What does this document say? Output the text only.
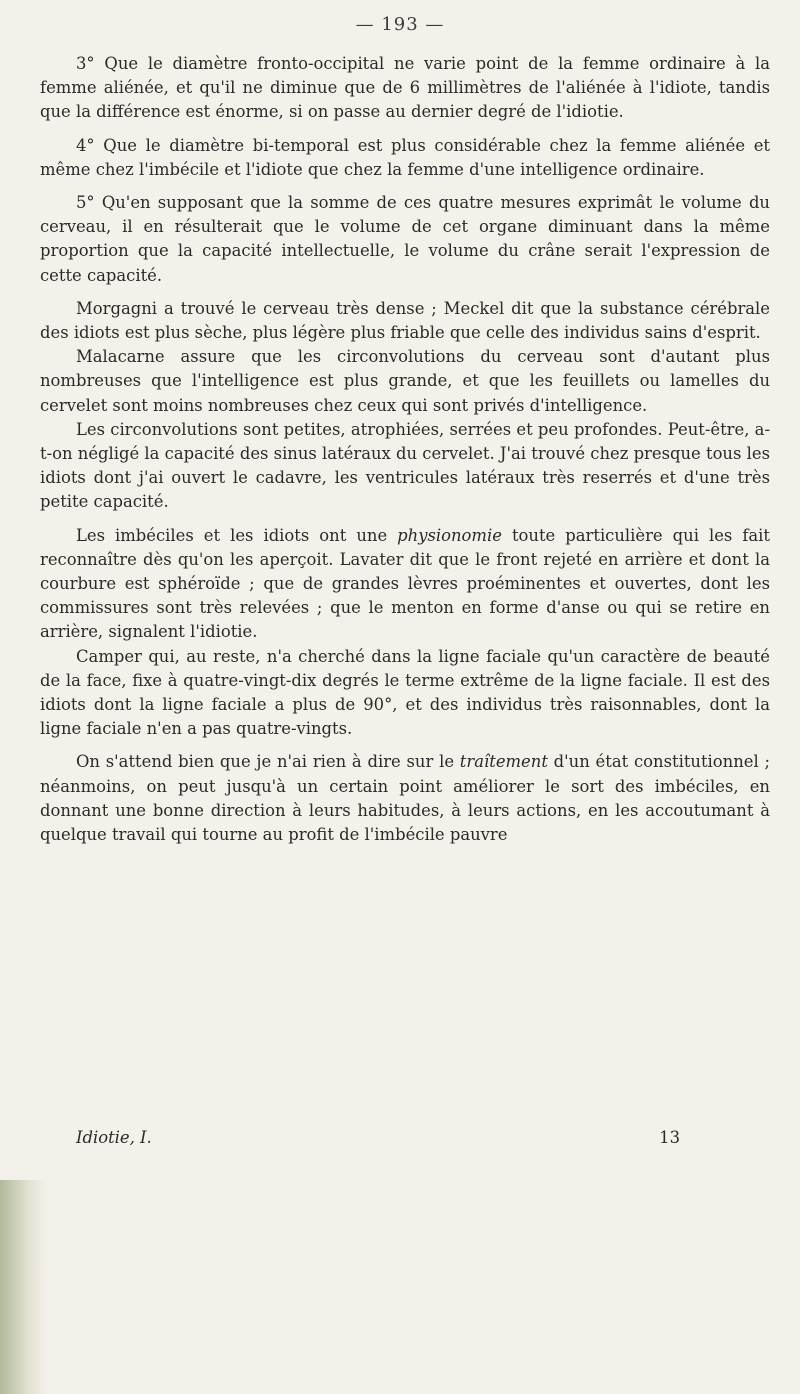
— 193 —

3° Que le diamètre fronto-occipital ne varie point de la femme ordinaire à la femme aliénée, et qu'il ne diminue que de 6 millimètres de l'aliénée à l'idiote, tandis que la différence est énorme, si on passe au dernier degré de l'idiotie.

4° Que le diamètre bi-temporal est plus considérable chez la femme aliénée et même chez l'imbécile et l'idiote que chez la femme d'une intelligence ordinaire.

5° Qu'en supposant que la somme de ces quatre mesures exprimât le volume du cerveau, il en résulterait que le volume de cet organe diminuant dans la même proportion que la capacité intellectuelle, le volume du crâne serait l'expression de cette capacité.

Morgagni a trouvé le cerveau très dense ; Meckel dit que la substance cérébrale des idiots est plus sèche, plus légère plus friable que celle des individus sains d'esprit.

Malacarne assure que les circonvolutions du cerveau sont d'autant plus nombreuses que l'intelligence est plus grande, et que les feuillets ou lamelles du cervelet sont moins nombreuses chez ceux qui sont privés d'intelligence.

Les circonvolutions sont petites, atrophiées, serrées et peu profondes. Peut-être, a-t-on négligé la capacité des sinus latéraux du cervelet. J'ai trouvé chez presque tous les idiots dont j'ai ouvert le cadavre, les ventricules latéraux très reserrés et d'une très petite capacité.

Les imbéciles et les idiots ont une physionomie toute particulière qui les fait reconnaître dès qu'on les aperçoit. Lavater dit que le front rejeté en arrière et dont la courbure est sphéroïde ; que de grandes lèvres proéminentes et ouvertes, dont les commissures sont très relevées ; que le menton en forme d'anse ou qui se retire en arrière, signalent l'idiotie.

Camper qui, au reste, n'a cherché dans la ligne faciale qu'un caractère de beauté de la face, fixe à quatre-vingt-dix degrés le terme extrême de la ligne faciale. Il est des idiots dont la ligne faciale a plus de 90°, et des individus très raisonnables, dont la ligne faciale n'en a pas quatre-vingts.

On s'attend bien que je n'ai rien à dire sur le traîtement d'un état constitutionnel ; néanmoins, on peut jusqu'à un certain point améliorer le sort des imbéciles, en donnant une bonne direction à leurs habitudes, à leurs actions, en les accoutumant à quelque travail qui tourne au profit de l'imbécile pauvre

Idiotie, I.	13
